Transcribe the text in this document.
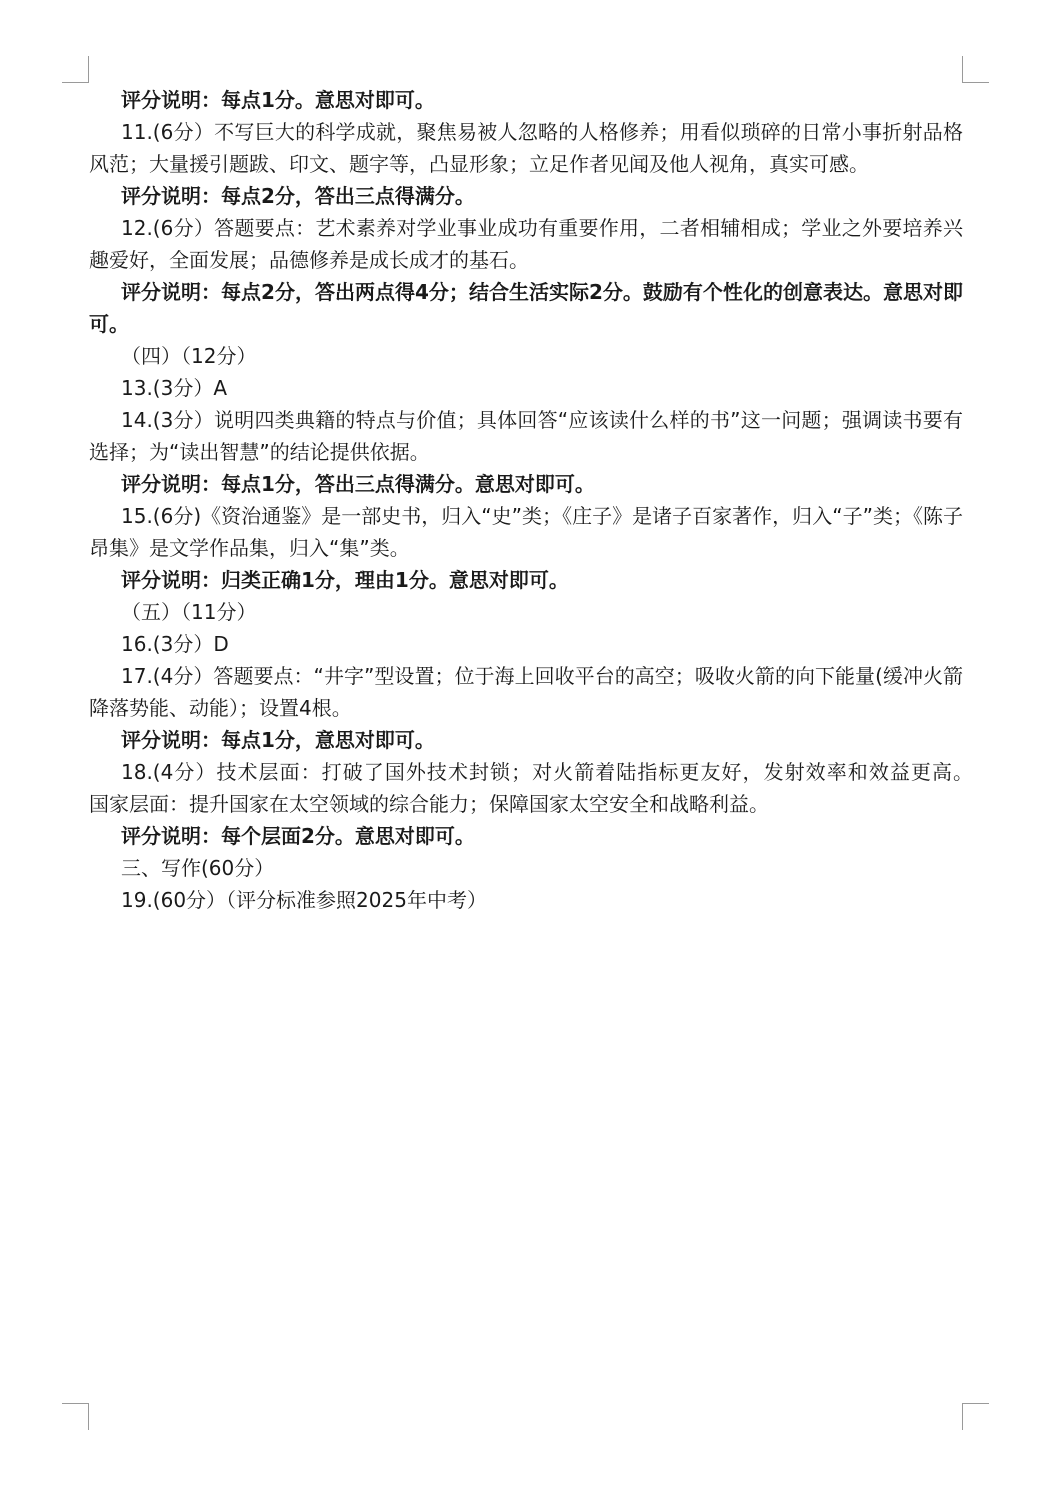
评分说明：每点1分。意思对即可。

11.(6分）不写巨大的科学成就，聚焦易被人忽略的人格修养；用看似琐碎的日常小事折射品格风范；大量援引题跋、印文、题字等，凸显形象；立足作者见闻及他人视角，真实可感。

评分说明：每点2分，答出三点得满分。

12.(6分）答题要点：艺术素养对学业事业成功有重要作用，二者相辅相成；学业之外要培养兴趣爱好，全面发展；品德修养是成长成才的基石。

评分说明：每点2分，答出两点得4分；结合生活实际2分。鼓励有个性化的创意表达。意思对即可。

（四）（12分）

13.(3分）A

14.(3分）说明四类典籍的特点与价值；具体回答“应该读什么样的书”这一问题；强调读书要有选择；为“读出智慧”的结论提供依据。

评分说明：每点1分，答出三点得满分。意思对即可。

15.(6分)《资治通鉴》是一部史书，归入“史”类；《庄子》是诸子百家著作，归入“子”类；《陈子昂集》是文学作品集，归入“集”类。

评分说明：归类正确1分，理由1分。意思对即可。

（五）（11分）

16.(3分）D

17.(4分）答题要点：“井字”型设置；位于海上回收平台的高空；吸收火箭的向下能量(缓冲火箭降落势能、动能）；设置4根。

评分说明：每点1分，意思对即可。

18.(4分）技术层面：打破了国外技术封锁；对火箭着陆指标更友好，发射效率和效益更高。　　国家层面：提升国家在太空领域的综合能力；保障国家太空安全和战略利益。

评分说明：每个层面2分。意思对即可。

三、写作(60分）

19.(60分）（评分标准参照2025年中考）
